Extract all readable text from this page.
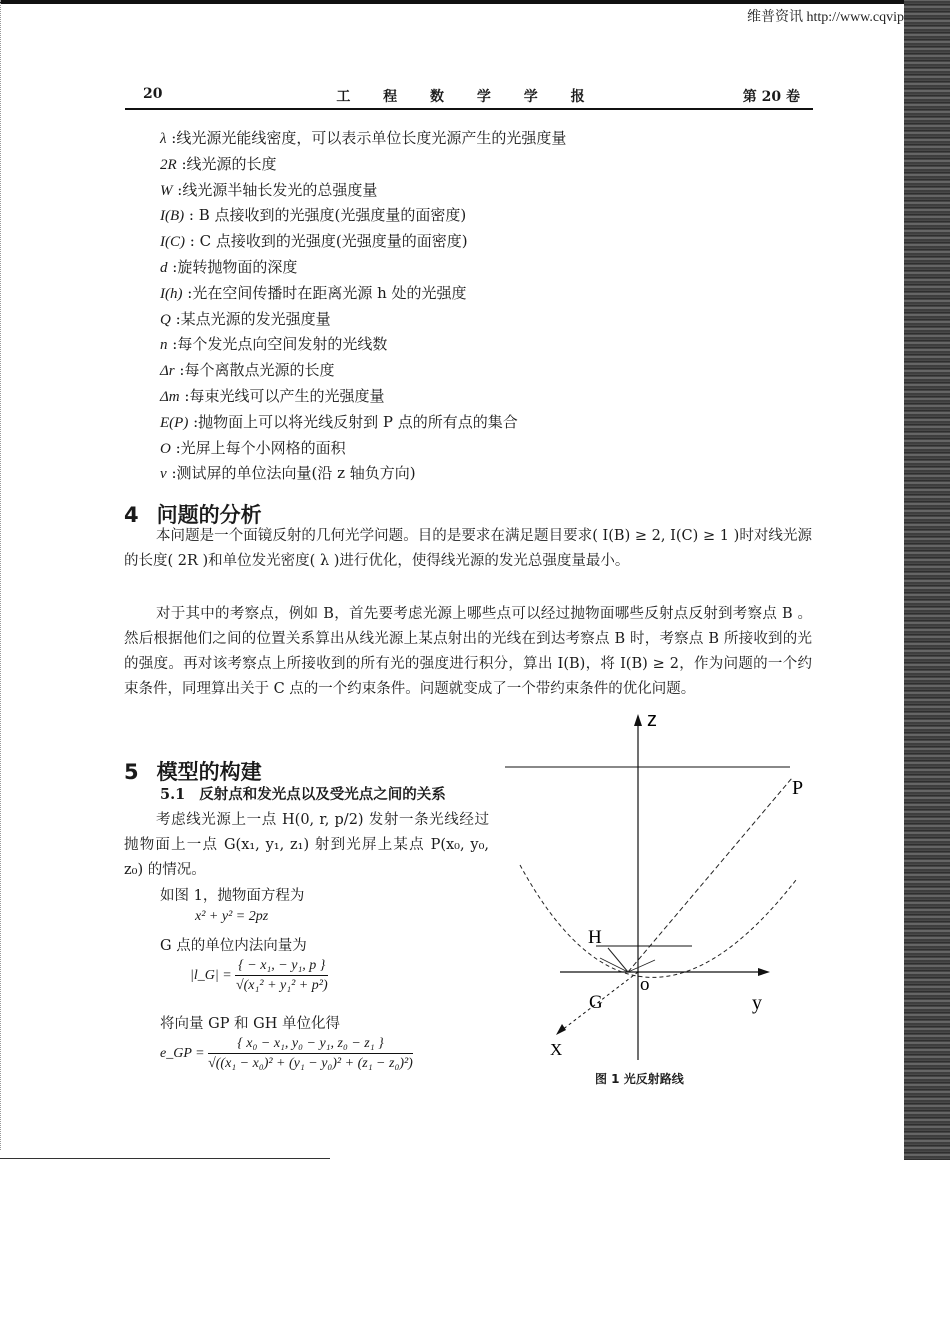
维普资讯 http://www.cqvip
20	工 程 数 学 学 报	第 20 卷
λ :线光源光能线密度，可以表示单位长度光源产生的光强度量
2R :线光源的长度
W :线光源半轴长发光的总强度量
I(B) : B 点接收到的光强度(光强度量的面密度)
I(C) : C 点接收到的光强度(光强度量的面密度)
d :旋转抛物面的深度
I(h) :光在空间传播时在距离光源 h 处的光强度
Q :某点光源的发光强度量
n :每个发光点向空间发射的光线数
Δr :每个离散点光源的长度
Δm :每束光线可以产生的光强度量
E(P) :抛物面上可以将光线反射到 P 点的所有点的集合
O :光屏上每个小网格的面积
v :测试屏的单位法向量(沿 z 轴负方向)
4 问题的分析
本问题是一个面镜反射的几何光学问题。目的是要求在满足题目要求( I(B) ≥ 2, I(C) ≥ 1 )时对线光源的长度( 2R )和单位发光密度( λ )进行优化，使得线光源的发光总强度量最小。
对于其中的考察点，例如 B，首先要考虑光源上哪些点可以经过抛物面哪些反射点反射到考察点 B 。然后根据他们之间的位置关系算出从线光源上某点射出的光线在到达考察点 B 时，考察点 B 所接收到的光的强度。再对该考察点上所接收到的所有光的强度进行积分，算出 I(B)，将 I(B) ≥ 2，作为问题的一个约束条件，同理算出关于 C 点的一个约束条件。问题就变成了一个带约束条件的优化问题。
5 模型的构建
5.1 反射点和发光点以及受光点之间的关系
考虑线光源上一点 H(0, r, p/2) 发射一条光线经过抛物面上一点 G(x₁, y₁, z₁) 射到光屏上某点 P(x₀, y₀, z₀) 的情况。
如图 1，抛物面方程为
x² + y² = 2pz
G 点的单位内法向量为
|l_G| = $\frac{\text{\{ − x₁, − y₁, p \}}}{\text{√(x₁² + y₁² + p²)}}$
将向量 GP 和 GH 单位化得
e_GP = $\frac{\text{\{ x₀ − x₁, y₀ − y₁, z₀ − z₁ \}}}{\text{√((x₁ − x₀)² + (y₁ − y₀)² + (z₁ − z₀)²)}}$
z
P
H
G
o
y
X
图 1 光反射路线
